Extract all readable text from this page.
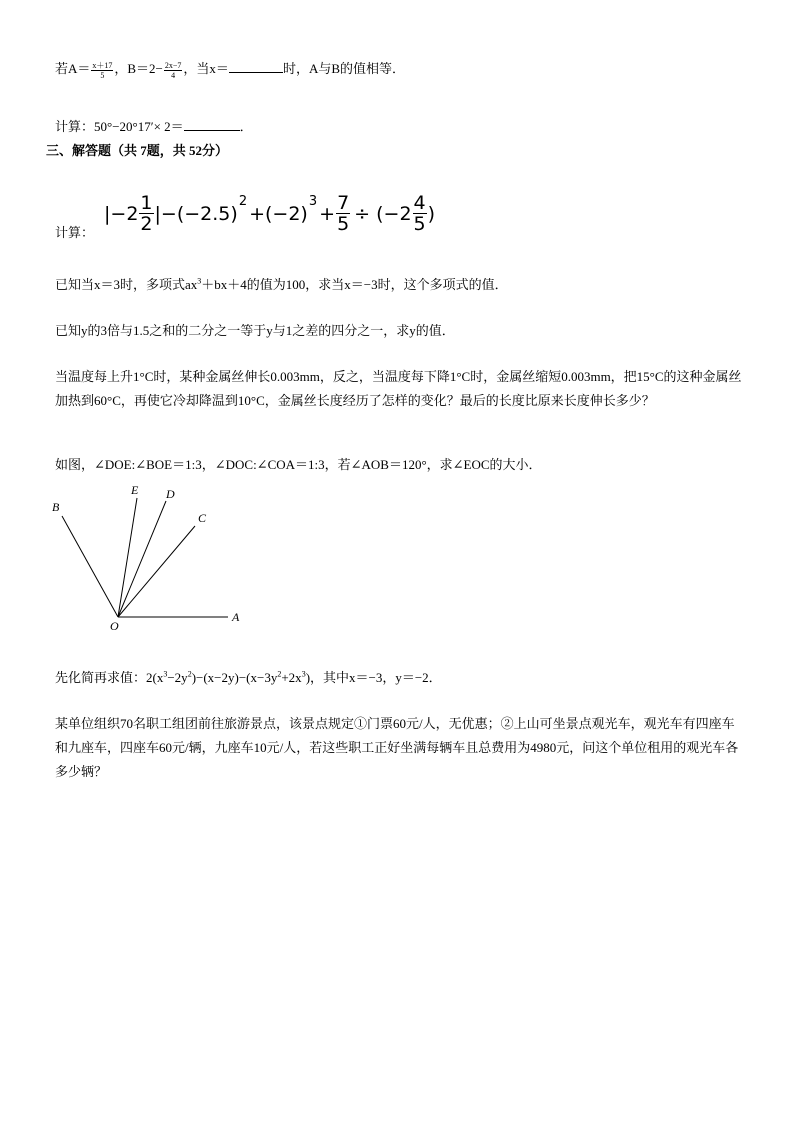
若$A= \frac{x+17}{5}$ ，$B=2- \frac{2x-7}{4}$ ，当x＝	时，A与B的值相等．
计算：50°−20°17′× 2＝	．
三、解答题（共 7题，共 52分）
计算：
$|-2 \frac{1}{2} |-(-2.5)$
2
+(−2)
3
+ $\frac{7}{5} \div (-2 \frac{4}{5}$ )
已知当x＝3时，多项式$ax^3+bx+4$的值为100，求当x＝−3时，这个多项式的值．
已知y的3倍与1.5之和的二分之一等于y与1之差的四分之一，求y的值．
当温度每上升1°C时，某种金属丝伸长0.003mm，反之，当温度每下降1°C时，金属丝缩短0.003mm，把15°C的这种金属丝加热到60°C，再使它冷却降温到10°C，金属丝长度经历了怎样的变化？最后的长度比原来长度伸长多少？
如图，∠DOE:∠BOE＝1:3，∠DOC:∠COA＝1:3，若∠AOB＝120°，求∠EOC的大小．
B
E D
C
O
A
先化简再求值：$2(x^3-2y^2)-(x-2y)-(x-3y^2+2x^3)$，其中x＝−3，y＝−2．
某单位组织70名职工组团前往旅游景点，该景点规定①门票60元/人，无优惠；②上山可坐景点观光车，观光车有四座车和九座车，四座车60元/辆，九座车10元/人，若这些职工正好坐满每辆车且总费用为4980元，问这个单位租用的观光车各多少辆？
